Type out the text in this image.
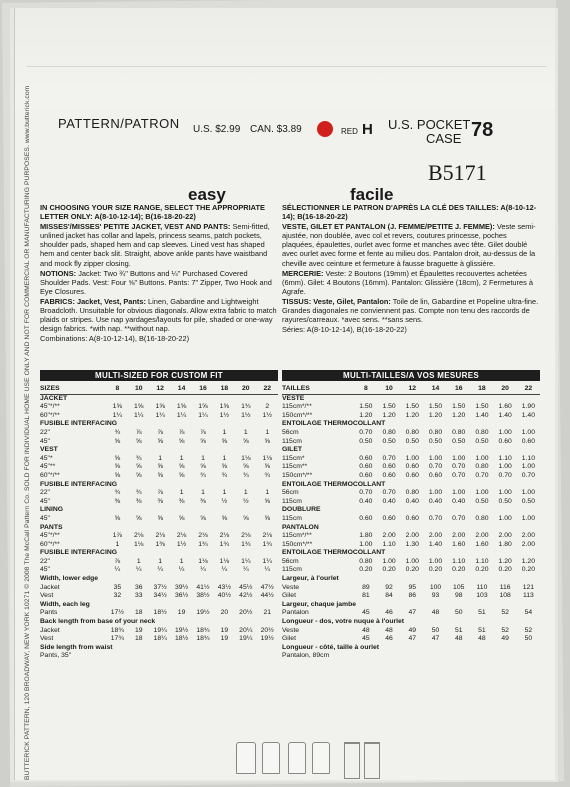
BUTTERICK PATTERN, 120 BROADWAY, NEW YORK 10271 © 2008 The McCall Pattern Co. SOLD FOR INDIVIDUAL HOME USE ONLY AND NOT FOR COMMERCIAL OR MANUFACTURING PURPOSES. www.butterick.com PATTERN/PATRON U.S. $2.99 CAN. $3.89	RED H U.S. POCKET
CASE 78
B5171
easy	facile

IN CHOOSING YOUR SIZE RANGE, SELECT THE APPROPRIATE LETTER ONLY: A(8-10-12-14); B(16-18-20-22)

MISSES'/MISSES' PETITE JACKET, VEST AND PANTS: Semi-fitted, unlined jacket has collar and lapels, princess seams, patch pockets, shoulder pads, shaped hem and cap sleeves. Lined vest has shaped hem and center back slit. Straight, above ankle pants have waistband and mock fly zipper closing.

NOTIONS: Jacket: Two ¾" Buttons and ¼" Purchased Covered Shoulder Pads. Vest: Four ⅝" Buttons. Pants: 7" Zipper, Two Hook and Eye Closures.

FABRICS: Jacket, Vest, Pants: Linen, Gabardine and Lightweight Broadcloth. Unsuitable for obvious diagonals. Allow extra fabric to match plaids or stripes. Use nap yardages/layouts for pile, shaded or one-way design fabrics. *with nap. **without nap.

Combinations: A(8-10-12-14), B(16-18-20-22)

SÉLECTIONNER LE PATRON D'APRÈS LA CLÉ DES TAILLES: A(8-10-12-14); B(16-18-20-22)

VESTE, GILET ET PANTALON (J. FEMME/PETITE J. FEMME): Veste semi-ajustée, non doublée, avec col et revers, coutures princesse, poches plaquées, épaulettes, ourlet avec forme et manches avec tête. Gilet doublé avec ourlet avec forme et fente au milieu dos. Pantalon droit, au-dessus de la cheville avec ceinture et fermeture à fausse braguette à glissière.

MERCERIE: Veste: 2 Boutons (19mm) et Épaulettes recouvertes achetées (6mm). Gilet: 4 Boutons (16mm). Pantalon: Glissière (18cm), 2 Fermetures à Agrafe.

TISSUS: Veste, Gilet, Pantalon: Toile de lin, Gabardine et Popeline ultra-fine. Grandes diagonales ne conviennent pas. Compte non tenu des raccords de rayures/carreaux. *avec sens. **sans sens.

Séries: A(8-10-12-14), B(16-18-20-22)

MULTI-SIZED FOR CUSTOM FIT	MULTI-TAILLES/A VOS MESURES
SIZES	8	10	12	14	16	18	20	22
JACKET								
45"*/**	1⅝	1⅝	1⅝	1⅝	1⅝	1⅝	1¾	2
60"*/**	1¼	1¼	1¼	1¼	1¼	1½	1½	1½
FUSIBLE INTERFACING								
22"	¾	⅞	⅞	⅞	⅞	1	1	1
45"	⅝	⅝	⅝	⅝	⅝	⅝	⅝	⅝
VEST								
45"*	⅝	¾	1	1	1	1	1⅛	1⅛
45"**	⅝	⅝	⅝	⅝	⅝	⅝	⅝	⅝
60"*/**	⅝	⅝	⅝	⅝	¾	¾	¾	¾
FUSIBLE INTERFACING								
22"	¾	¾	⅞	1	1	1	1	1
45"	⅜	⅜	⅜	⅜	⅜	½	½	⅝
LINING								
45"	⅝	⅝	⅝	⅝	⅝	⅝	⅝	⅝
PANTS								
45"*/**	1⅞	2⅛	2⅛	2⅛	2⅛	2⅛	2⅛	2⅛
60"*/**	1	1⅛	1⅜	1½	1¾	1¾	1¾	1¾
FUSIBLE INTERFACING								
22"	⅞	1	1	1	1⅛	1⅛	1¼	1¼
45"	¼	¼	¼	¼	¼	¼	¼	¼
Width, lower edge								
Jacket	35	36	37½	39½	41½	43½	45½	47½
Vest	32	33	34½	36½	38½	40½	42½	44½
Width, each leg								
Pants	17½	18	18½	19	19½	20	20½	21
Back length from base of your neck								
Jacket	18¾	19	19¼	19½	18¾	19	20¼	20½
Vest	17¾	18	18¼	18½	18¾	19	19¼	19½
Side length from waist								
Pants, 35"								
TAILLES	8	10	12	14	16	18	20	22
VESTE								
115cm*/**	1.50	1.50	1.50	1.50	1.50	1.50	1.60	1.90
150cm*/**	1.20	1.20	1.20	1.20	1.20	1.40	1.40	1.40
ENTOILAGE THERMOCOLLANT								
56cm	0.70	0.80	0.80	0.80	0.80	0.80	1.00	1.00
115cm	0.50	0.50	0.50	0.50	0.50	0.50	0.60	0.60
GILET								
115cm*	0.60	0.70	1.00	1.00	1.00	1.00	1.10	1.10
115cm**	0.60	0.60	0.60	0.70	0.70	0.80	1.00	1.00
150cm*/**	0.60	0.60	0.60	0.60	0.70	0.70	0.70	0.70
ENTOILAGE THERMOCOLLANT								
56cm	0.70	0.70	0.80	1.00	1.00	1.00	1.00	1.00
115cm	0.40	0.40	0.40	0.40	0.40	0.50	0.50	0.50
DOUBLURE								
115cm	0.60	0.60	0.60	0.70	0.70	0.80	1.00	1.00
PANTALON								
115cm*/**	1.80	2.00	2.00	2.00	2.00	2.00	2.00	2.00
150cm*/**	1.00	1.10	1.30	1.40	1.60	1.60	1.80	2.00
ENTOILAGE THERMOCOLLANT								
56cm	0.80	1.00	1.00	1.00	1.10	1.10	1.20	1.20
115cm	0.20	0.20	0.20	0.20	0.20	0.20	0.20	0.20
Largeur, à l'ourlet								
Veste	89	92	95	100	105	110	116	121
Gilet	81	84	86	93	98	103	108	113
Largeur, chaque jambe								
Pantalon	45	46	47	48	50	51	52	54
Longueur - dos, votre nuque à l'ourlet								
Veste	48	48	49	50	51	51	52	52
Gilet	45	46	47	47	48	48	49	50
Longueur - côté, taille à ourlet								
Pantalon, 89cm								
